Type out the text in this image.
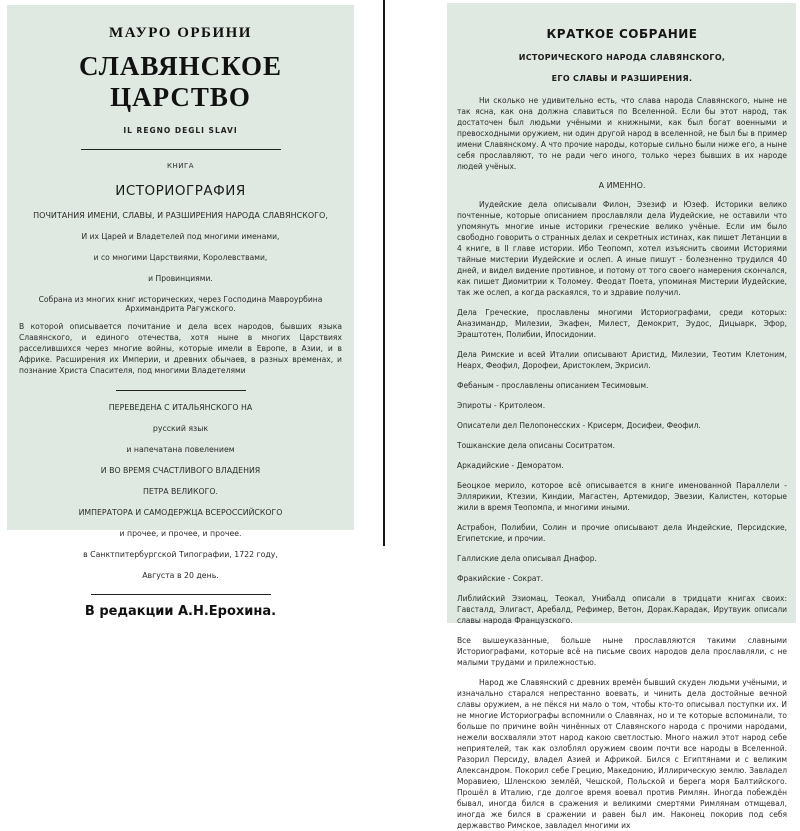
МАУРО ОРБИНИ
СЛАВЯНСКОЕ ЦАРСТВО
IL REGNO DEGLI SLAVI
КНИГА
ИСТОРИОГРАФИЯ
ПОЧИТАНИЯ ИМЕНИ, СЛАВЫ, И РАЗШИРЕНИЯ НАРОДА СЛАВЯНСКОГО,
И их Царей и Владетелей под многими именами,
и со многими Царствиями, Королевствами,
и Провинциями.
Собрана из многих книг исторических, через Господина Мавроурбина Архимандрита Рагужского.
В которой описывается почитание и дела всех народов, бывших языка Славянского, и единого отечества, хотя ныне в многих Царствиях расселившихся через многие войны, которые имели в Европе, в Азии, и в Африке. Расширения их Империи, и древних обычаев, в разных временах, и познание Христа Спасителя, под многими Владетелями
ПЕРЕВЕДЕНА С ИТАЛЬЯНСКОГО НА
русский язык
и напечатана повелением
И ВО ВРЕМЯ СЧАСТЛИВОГО ВЛАДЕНИЯ
ПЕТРА ВЕЛИКОГО.
ИМПЕРАТОРА И САМОДЕРЖЦА ВСЕРОССИЙСКОГО
и прочее, и прочее, и прочее.
в Санктпитербургской Типографии, 1722 году,
Августа в 20 день.
В редакции А.Н.Ерохина.
КРАТКОЕ СОБРАНИЕ
ИСТОРИЧЕСКОГО НАРОДА СЛАВЯНСКОГО,
ЕГО СЛАВЫ И РАЗШИРЕНИЯ.

Ни сколько не удивительно есть, что слава народа Славянского, ныне не так ясна, как она должна славиться по Вселенной. Если бы этот народ, так достаточен был людьми учёными и книжными, как был богат военными и превосходными оружием, ни один другой народ в вселенной, не был бы в пример имени Славянскому. А что прочие народы, которые сильно были ниже его, а ныне себя прославляют, то не ради чего иного, только через бывших в их народе людей учёных.

А ИМЕННО.

Иудейские дела описывали Филон, Эзезиф и Юзеф. Историки велико почтенные, которые описанием прославляли дела Иудейские, не оставили что упомянуть многие иные историки греческие велико учёные. Если им было свободно говорить о странных делах и секретных истинах, как пишет Летанции в 4 книге, в II главе истории. Ибо Теопомп, хотел изъяснить своими Историями тайные мистерии Иудейские и ослеп. А иные пишут - болезненно трудился 40 дней, и видел видение противное, и потому от того своего намерения скончался, как пишет Диомитрии к Толомеу. Феодат Поета, упоминая Мистерии Иудейские, так же ослеп, а когда раскаялся, то и здравие получил.

Дела Греческие, прославлены многими Историографами, среди которых: Аназимандр, Милезии, Экафен, Милест, Демокрит, Эудос, Дицыарк, Эфор, Эраштотен, Полибии, Ипосидонии.

Дела Римские и всей Италии описывают Аристид, Милезии, Теотим Клетоним, Неарх, Феофил, Дорофеи, Аристоклем, Экрисил.

Фебаным - прославлены описанием Тесимовым.

Эпироты - Критолеом.

Описатели дел Пелопонесских - Крисерм, Досифеи, Феофил.

Тошканские дела описаны Соситратом.

Аркадийские - Деморатом.

Беоцкое мерило, которое всё описывается в книге именованной Параллели - Эллярикии, Ктезии, Киндии, Магастен, Артемидор, Эвезии, Калистен, которые жили в время Теопомпа, и многими иными.

Астрабон, Полибии, Солин и прочие описывают дела Индейские, Персидские, Египетские, и прочии.

Галлиские дела описывал Днафор.

Фракийские - Сократ.

Либлийский Эзиомац, Теокал, Унибалд описали в тридцати книгах своих: Гавсталд, Элигаст, Аребалд, Рефимер, Ветон, Дорак.Карадак, Ирутвуик описали славы народа Французского.

Все вышеуказанные, больше ныне прославляются такими славными Историографами, которые всё на письме своих народов дела прославляли, с не малыми трудами и прилежностью.

Народ же Славянский с древних времён бывший скуден людьми учёными, и изначально старался непрестанно воевать, и чинить дела достойные вечной славы оружием, а не пёкся ни мало о том, чтобы кто-то описывал поступки их. И не многие Историографы вспомнили о Славянах, но и те которые вспоминали, то больше по причине войн чинённых от Славянского народа с прочими народами, нежели восхваляли этот народ какою светлостью. Много нажил этот народ себе неприятелей, так как озлоблял оружием своим почти все народы в Вселенной. Разорил Персиду, владел Азией и Африкой. Бился с Египтянами и с великим Александром. Покорил себе Грецию, Македонию, Иллирическую землю. Завладел Моравиею, Шленскою землёй, Чешской, Польской и берега моря Балтийского. Прошёл в Италию, где долгое время воевал против Римлян. Иногда побеждён бывал, иногда бился в сражения и великими смертями Римлянам отмщевал, иногда же бился в сражении и равен был им. Наконец покорив под себя державство Римское, завладел многими их
